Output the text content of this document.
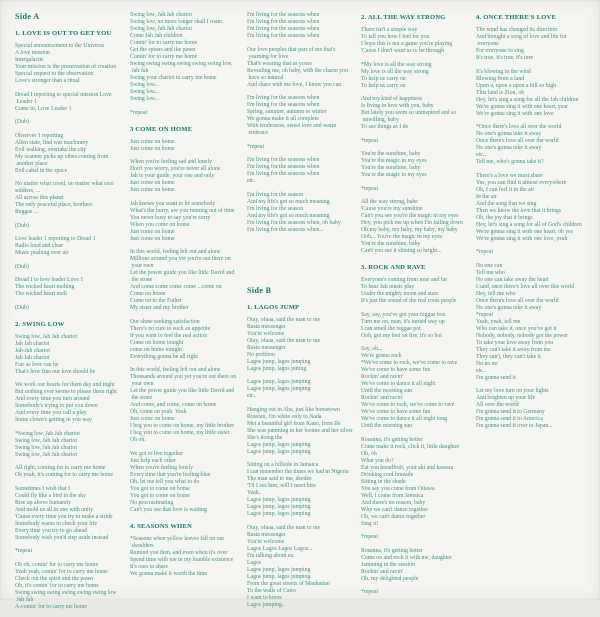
Side A
1. LOVE IS OUT TO GET YOU
Special announcement to the Universe
A love mission
Intergalactic
Your mission is the preservation of creation
Special request to the observation
Love's stronger than a ritual
Dread I reporting to special mission Love
Leader 1
Come in, Love Leader 1
(Dub)
Observer 1 reporting
Alien state, find war machinery
Evil walking, overtake the city
My scanner picks up vibes coming from
another place
Evil cabal in the space
No matter what creed, no matter what race
soldiers, ...
All across this planet
The only peaceful place, brothers
Reggae ...
(Dub)
Love leader 1 reporting to Dread 1
Radio loud and clear
Music pushing over air
(Dub)
Dread I to love leader Love 1
The wicked heart melting
The wicked heart melt
(Dub)
2. SWING LOW
Swing low, Jah Jah chariot
Jah Jah chariot
Jah-Jah chariot
Jah Jah chariot
Fair as love can be
That's how fine our love should be
We work our hearts for them day and night
But nothing ever seems to please them right
And every time you turn around
Somebody's trying to put you down
And every time you call a play
Some clown's getting in you way
*Swing low, Jah Jah chariot
Swing low, Jah Jah chariot
Swing low, Jah Jah chariot
Swing low, Jah Jah chariot
All right, coming for to carry me home
Oh yeah, it's coming for to carry me home
Sometimes I wish that I
Could fly like a bird in the sky
Rise up above humanity
And mold us all in one with unity
'Cause every time you try to make a stride
Somebody wants to check your life
Every time you try to go ahead
Somebody wish you'd step aside instead
*repeat
Oh oh, comin' for to carry me home
Yeah yeah, comin' for to carry me home
Check out the spirit and the pawn
Oh, it's comin' for to carry me home
Swing swing swing swing swing swing low
Jah Jah
A-comin' for to carry me home
Swing low, Jah Jah chariot
Swing low, no more longer shall I roam
Swing low, Jah Jah chariot
Come Jah Jah children
Comin' for to carry me home
Get the spears and the pawn
Comin' for to carry me home
Swing swing swing swing swing swing low,
Jah Jah
Swing your chariot to carry me home
Swing low...
Swing low...
Swing low...
*repeat
3 COME ON HOME
Just come on home
Just come on home
When you're feeling sad and lonely
Don't you worry, you're never all alone
Jah is your guide, your one and only
Just come on home
Just come on home
Jah knows you want to be somebody
What's the hurry, are you running out of time
You never busy to say you're sorry
When you come on home
Just come on home
Just come on home
In this world, feeling left out and alone
Millions around you yet you're out there on
your own
Let the power guide you like little David and
the stone
And come come come come ...come on
Come on home
Come on to the Father
My sister and my brother
Our shine seeking satisfaction
There's no cure to such an appetite
If you want to feel the real action
Come on home tonight
come on home tonight
Everything gonna be all right
In this world, feeling left out and alone
Thousands around you yet you're out there on
your own
Let the power guide you like little David and
the stone
And come, and come, come on home
Oh, come on yeah. Yeah
Just come on home
I beg you to come on home, my little brother
I beg you to come on home, my little sister
Oh oh.
We got to live together
Just help each other
When you're feeling lonely
Every time that you're feeling blue
Oh, let me tell you what to do
You got to come on home
You got to come on home
No procrastinating
Can't you see that love is waiting
4. SEASONS WHEN
*Seasons when yellow leaves fall on our
shoulders
Remind you then, and even when it's over
Spend time with me in my humble existence
It's ours to share
We gonna make it worth the time
I'm living for the seasons when
I'm living for the seasons when
I'm living for the seasons when
I'm living for the seasons when
Our love peoples that part of me that's
yearning for love
That's wearing that as yours
Revealing me, oh baby, with the charm you
have so natural
And share with me love, I know you can
I'm living for the seasons when
I'm living for the seasons when
Spring, summer, autumn or winter
We gonna make it all complete
With tenderness, sweet love and warm
embrace
*repeat
I'm living for the seasons when
I'm living for the seasons when
I'm living for the seasons when
etc..
I'm living for the season
And my life's got so much meaning
I'm living for the season
And my life's got so much meaning
I'm living for the seasons when, oh baby
I'm living for the seasons when...
Side B
1. LAGOS JUMP
Otay, ofaaa, said the man to me
Rasta messenger
You're welcome
Otay, ofaaa, said the man to me
Rasta messenger
No problem
Lagos jump, lagos jumping
Lagos jump, lagos jutting
Lagos jump, lagos jumping
Lagos jump, lagos jumping
etc..
Hanging out in Aba, just like hometown
Russian, I'm white only to Nada
Met a beautiful girl from Kano, from Ife
She was jamming in her bootee and her silver
She's doing the
Lagos jump, lagos jumping
Lagos jump, lagos jumping
Sitting on a hillside in Jamaica
I can remember the times we had in Nigeria
The man said to me, deedee
'Til I see him, will I meet him
Yeah..
Lagos jump, lagos jumping
Lagos jump, lagos jumping
Lagos jump, lagos jumping
Otay, ofaaa, said the man to me
Rasta messenger
You're welcome
Lagos Lagos Lagos Lagos...
I'm talking about us.
Lagos
Lagos jump, lagos jumping
Lagos jump, lagos jumping
From the great streets of Manhattan
To the walls of Cairo
I want to know
Lagos jumping..
2. ALL THE WAY STRONG
There isn't a simple way
To tell you how I feel for you
I hope this is not a game you're playing
'Cause I don't want us to be through
*My love is all the way strong
My love is all the way strong
To help us carry on
To help us carry on
And my kind of happiness
Is living in love with you, baby
But lately you seem so uninspired and so
unwilling, baby
To see things as I do
*repeat
You're the sunshine, baby
You're the magic in my eyes
You're the sunshine, baby
You're the magic in my eyes
*repeat
All the way strong, babe
'Cause you're my sunshine
Can't you see you're the magic in my eyes
Hey, you pick me up when I'm falling down
Oh my baby, my baby, my baby, my baby
Ooh... You're the magic in my eyes
You're the sunshine, baby
Can't you see it shining so bright...
3. ROCK AND RAVE
Everyone's coming from near and far
To hear Jah music play
Under the mighty moon and stars
It's just the sound of the real roots people
Say, say, you've got your reggae box
Turn me on, man, it's turned way up
I can smell the reggae pot
Ooh, got my feet on fire, it's so hot
Say, oh...
We're gonna rock
*We've come to rock, we've come to rave
We've come to have some fun
Rockin' and ravin'
We've come to dance it all night
Until the morning sun
Rockin' and ravin'
We've come to rock, we've come to rave
We've come to have some fun
We've come to dance it all night long
Until the morning sun
Rosanna, it's getting hotter
Come make it rock, click it, little daughter
Oh, oh
What you do?
Eat you breadfruit, your aki and kawara
Drinking cool limeade
Sitting in the shade
You say you come from Ottawa
Well, I come from Jamaica
And there's no reason, baby
Why we can't dance together
Oh, we can't dance together
Sing it!
*repeat
Rosanna, it's getting hotter
Come on and rock it with me, daughter
Jamming in the session
Rockin' and ravin'
Oh, my delighted people
*repeat
4. ONCE THERE'S LOVE
The wind has changed its direction
And brought a song of love and life for
everyone
For everyone to sing
It's true, it's true, it's ture
It's blowing in the wind
Blowing from a land
Upon a, upon a upon a hill so high
This land is Zion, oh
Hey, let's sing a song for all the Jah children
We're gonna sing it with one heart, year
We're gonna sing it with one love
*Once there's love all over the world
No one's gonna take it away
Once there's love all over the world
No one's gonna take it away
etc...
Tell me, who's gonna take it?
There's a love we must share
Yes, you can find it almost everywhere
Oh, I can feel it in the air
In the air
And the song that we sing
Then we know the love that it brings
Oh, the joy that it brings
Hey, let's sing a song for all of God's children
We're gonna sing it with one heart, oh yes
We're gonna sing it with one love, yeah
*repeat
No one can
Tell me who
No one can take away the heart
I said, once there's love all over this world
Hey, tell me who
Once there's love all over the world
No one's gonna take it away
*repeat
Yeah, yeah, tell me
Who can take it, once you've got it
Nobody, nobody, nobody got the power
To take your love away from you
They can't take it away from me
They can't, they can't take it
No no no
etc..
I'm gonna send it
Let my love turn on your lights
And brighten up your life
All over the world
I'm gonna send it to Germany
I'm gonna send it to America
I'm gonna send it over to Japan...
